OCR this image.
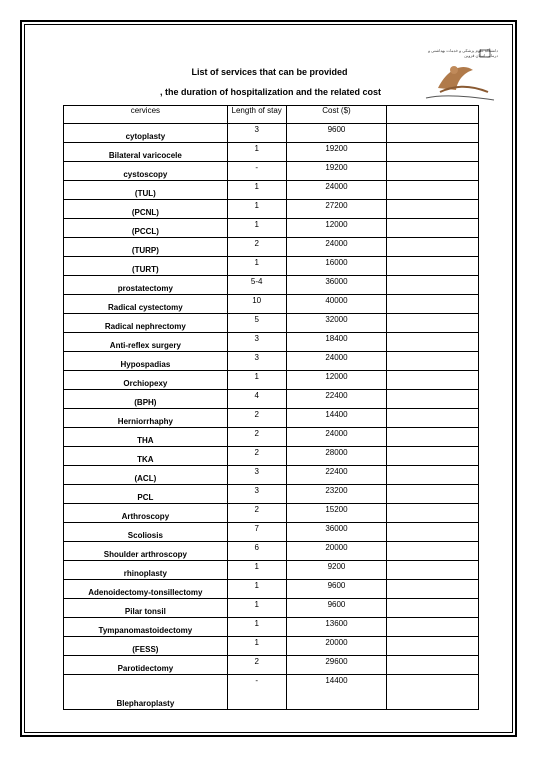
دانشگاه علوم پزشکی و خدمات بهداشتی و درمانی استان قزوین
List of services that can be provided
, the duration of hospitalization and the related cost
cervices	Length of stay	Cost ($)	
cytoplasty	3	9600	
Bilateral varicocele	1	19200	
cystoscopy	-	19200	
(TUL)	1	24000	
(PCNL)	1	27200	
(PCCL)	1	12000	
(TURP)	2	24000	
(TURT)	1	16000	
prostatectomy	5-4	36000	
Radical cystectomy	10	40000	
Radical nephrectomy	5	32000	
Anti-reflex surgery	3	18400	
Hypospadias	3	24000	
Orchiopexy	1	12000	
(BPH)	4	22400	
Herniorrhaphy	2	14400	
THA	2	24000	
TKA	2	28000	
(ACL)	3	22400	
PCL	3	23200	
Arthroscopy	2	15200	
Scoliosis	7	36000	
Shoulder arthroscopy	6	20000	
rhinoplasty	1	9200	
Adenoidectomy-tonsillectomy	1	9600	
Pilar tonsil	1	9600	
Tympanomastoidectomy	1	13600	
(FESS)	1	20000	
Parotidectomy	2	29600	
Blepharoplasty	-	14400	
